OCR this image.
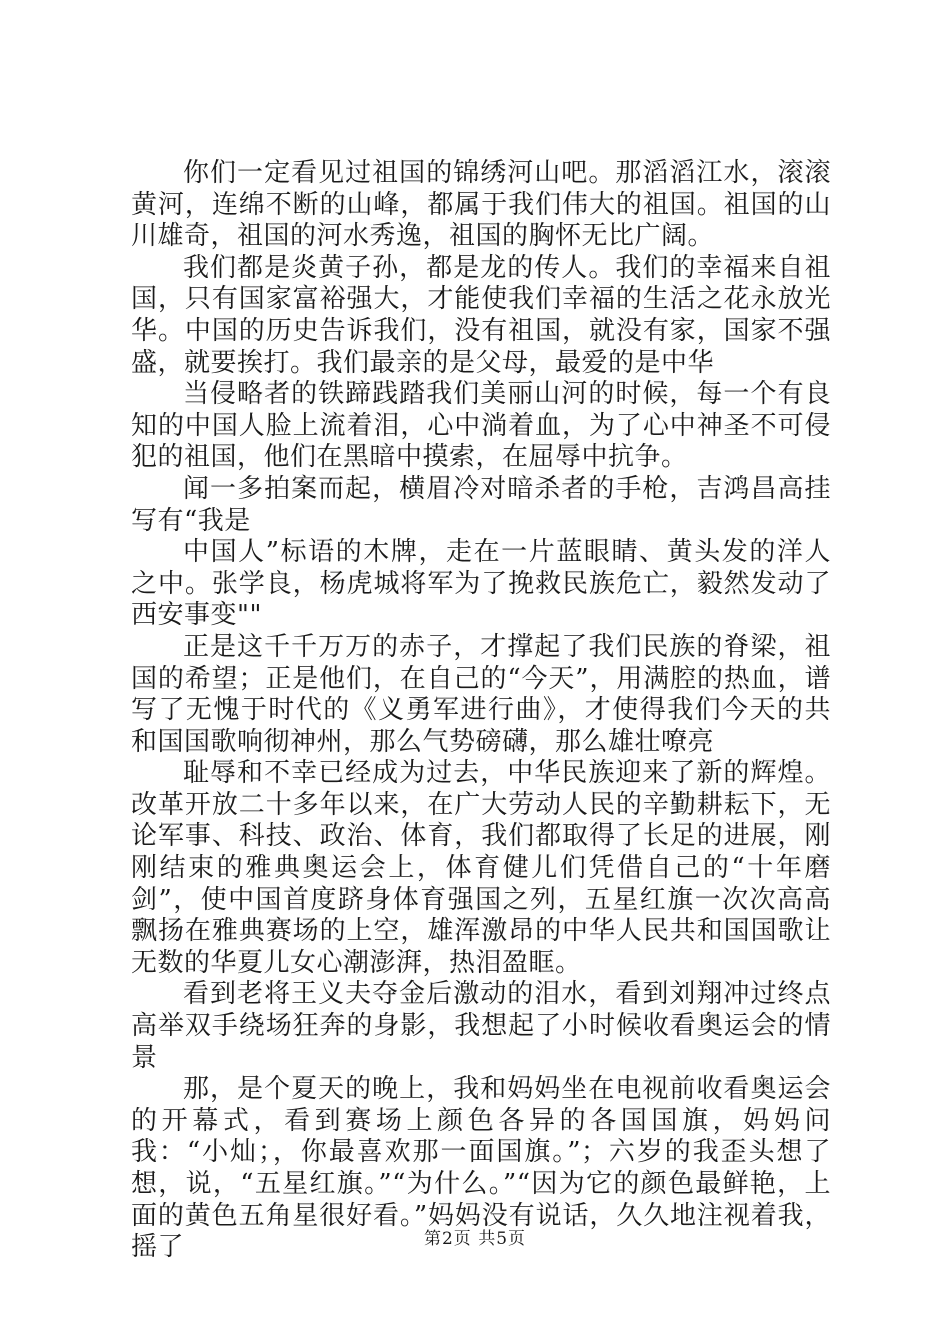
你们一定看见过祖国的锦绣河山吧。那滔滔江水，滚滚黄河，连绵不断的山峰，都属于我们伟大的祖国。祖国的山川雄奇，祖国的河水秀逸，祖国的胸怀无比广阔。

我们都是炎黄子孙，都是龙的传人。我们的幸福来自祖国，只有国家富裕强大，才能使我们幸福的生活之花永放光华。中国的历史告诉我们，没有祖国，就没有家，国家不强盛，就要挨打。我们最亲的是父母，最爱的是中华

当侵略者的铁蹄践踏我们美丽山河的时候，每一个有良知的中国人脸上流着泪，心中淌着血，为了心中神圣不可侵犯的祖国，他们在黑暗中摸索，在屈辱中抗争。

闻一多拍案而起，横眉冷对暗杀者的手枪，吉鸿昌高挂写有“我是

中国人”标语的木牌，走在一片蓝眼睛、黄头发的洋人之中。张学良，杨虎城将军为了挽救民族危亡，毅然发动了西安事变""

正是这千千万万的赤子，才撑起了我们民族的脊梁，祖国的希望；正是他们，在自己的“今天”，用满腔的热血，谱写了无愧于时代的《义勇军进行曲》，才使得我们今天的共和国国歌响彻神州，那么气势磅礴，那么雄壮嘹亮

耻辱和不幸已经成为过去，中华民族迎来了新的辉煌。改革开放二十多年以来，在广大劳动人民的辛勤耕耘下，无论军事、科技、政治、体育，我们都取得了长足的进展，刚刚结束的雅典奥运会上，体育健儿们凭借自己的“十年磨剑”，使中国首度跻身体育强国之列，五星红旗一次次高高飘扬在雅典赛场的上空，雄浑激昂的中华人民共和国国歌让无数的华夏儿女心潮澎湃，热泪盈眶。

看到老将王义夫夺金后激动的泪水，看到刘翔冲过终点高举双手绕场狂奔的身影，我想起了小时候收看奥运会的情景

那，是个夏天的晚上，我和妈妈坐在电视前收看奥运会的开幕式，看到赛场上颜色各异的各国国旗，妈妈问我：“小灿；，你最喜欢那一面国旗。”；六岁的我歪头想了想，说，“五星红旗。”“为什么。”“因为它的颜色最鲜艳，上面的黄色五角星很好看。”妈妈没有说话，久久地注视着我，摇了	第2页 共5页
